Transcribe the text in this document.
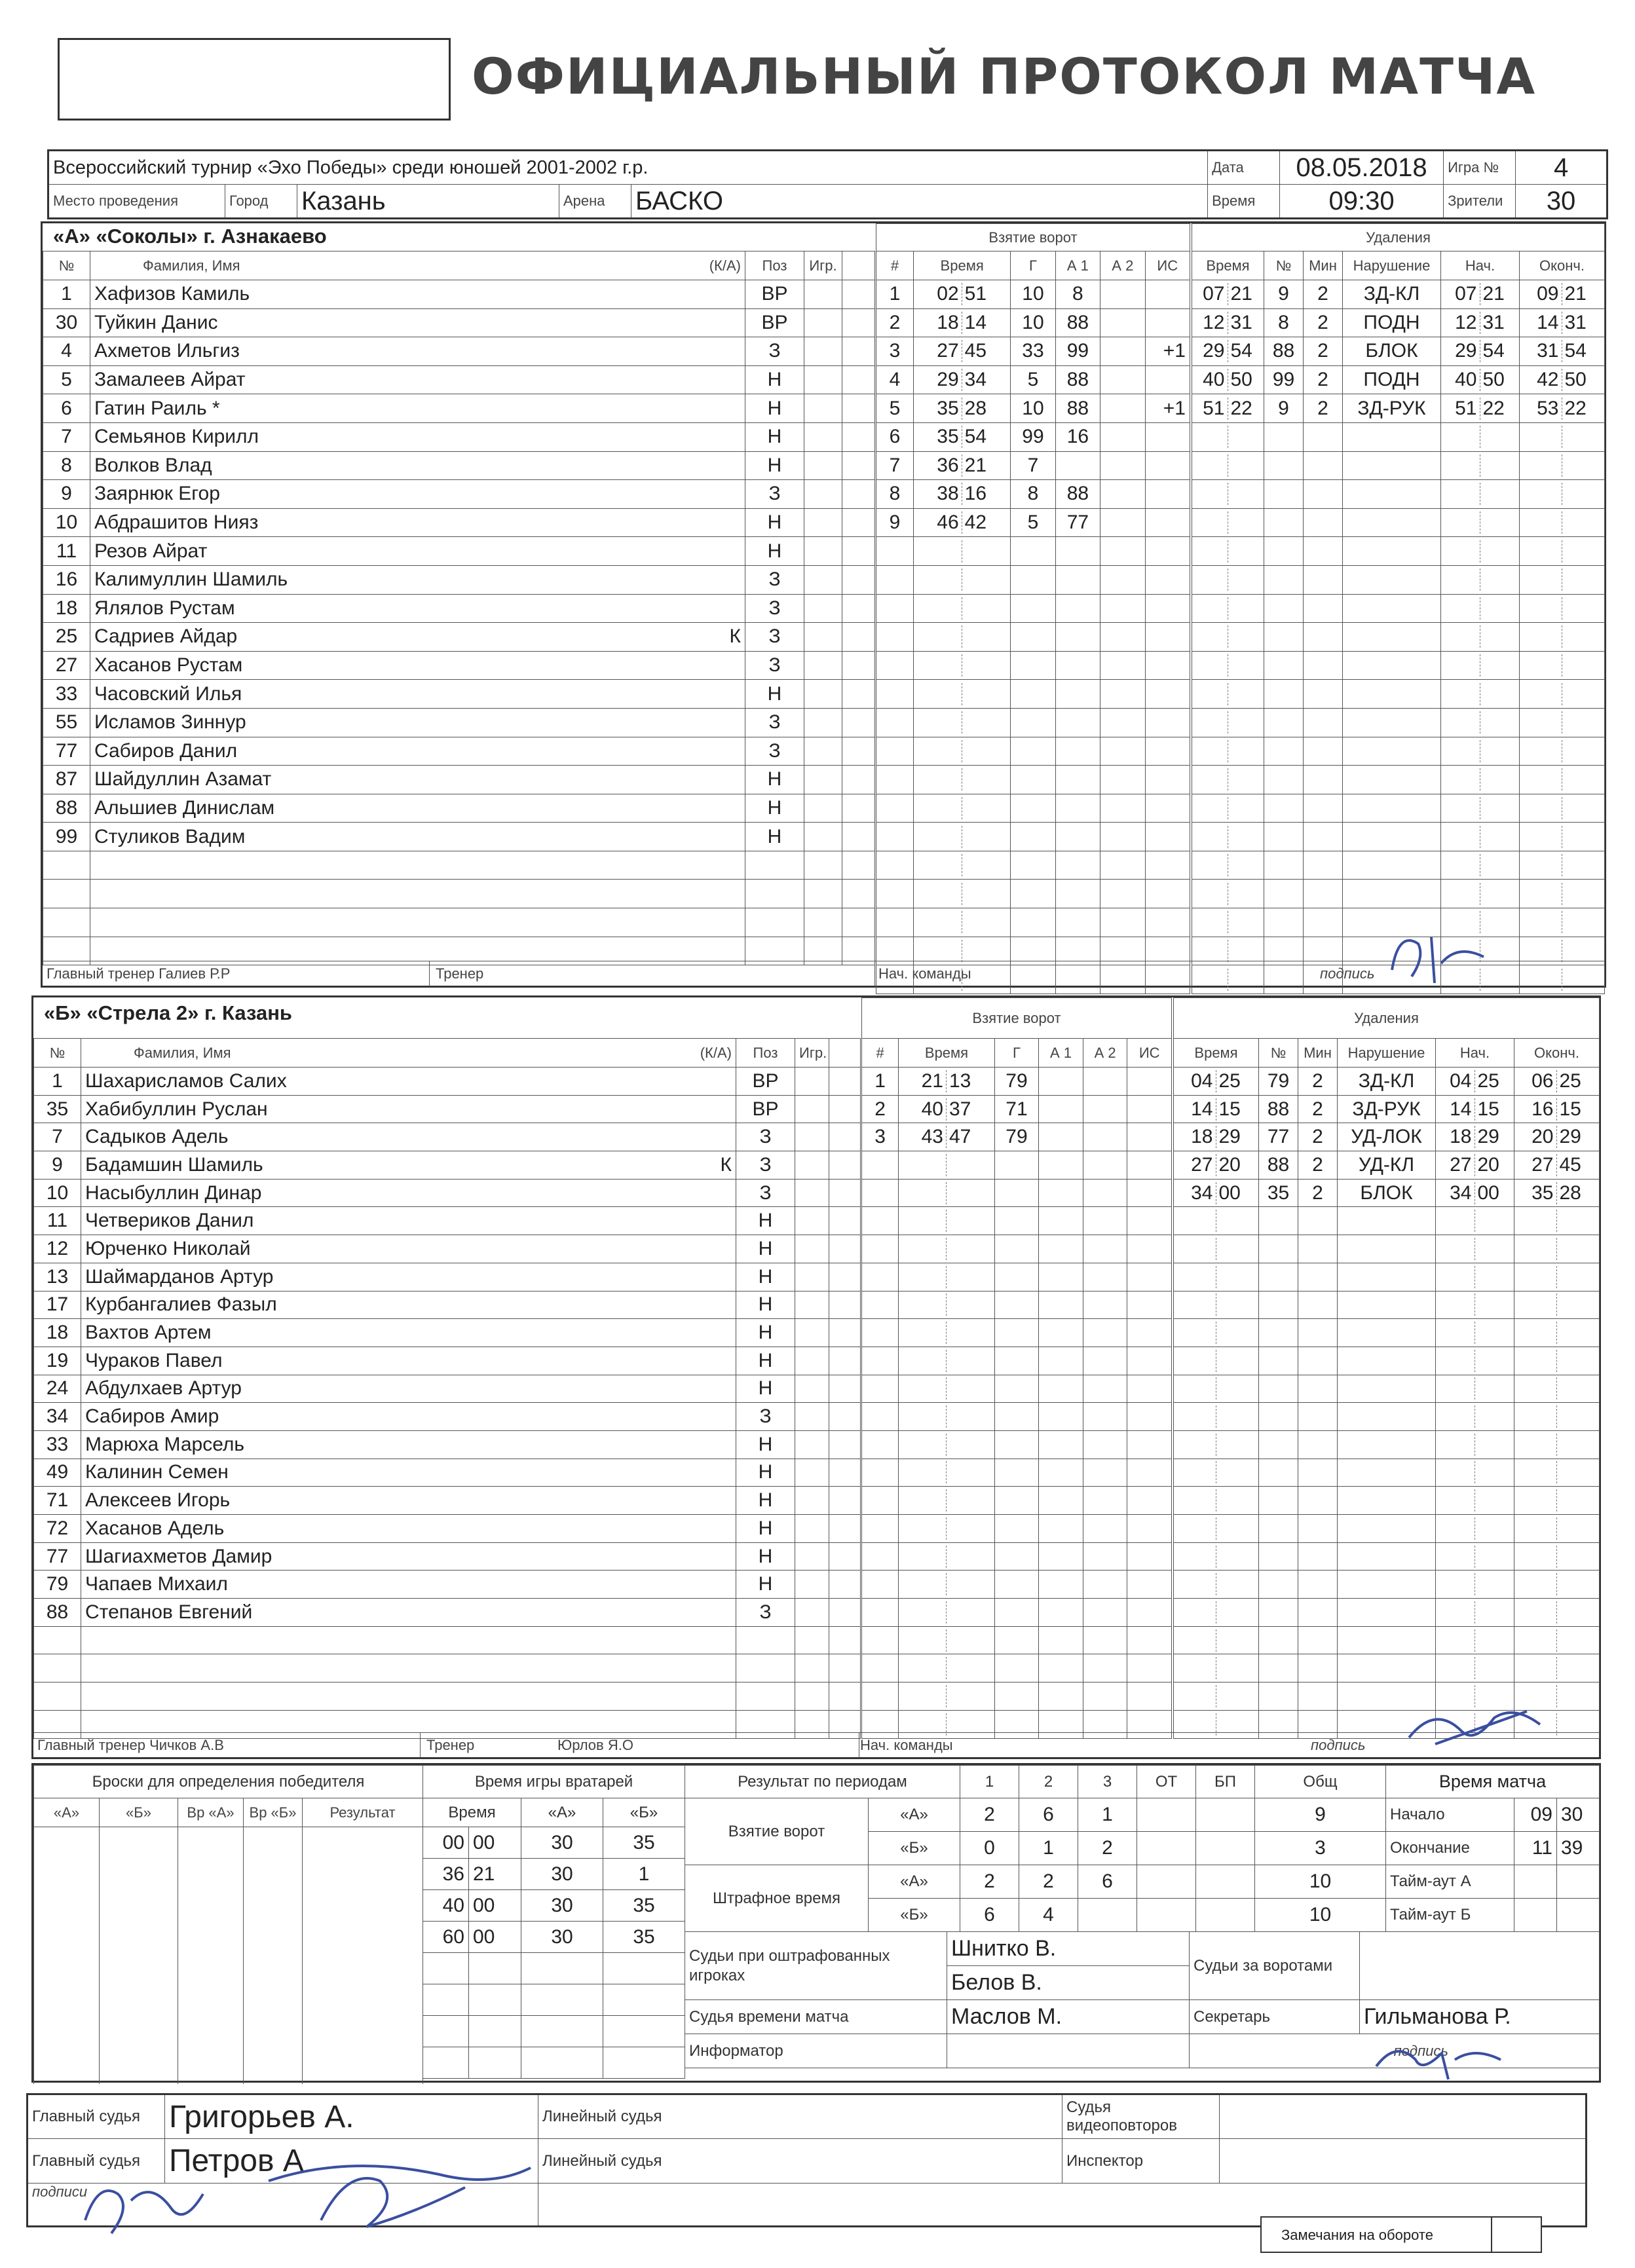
ОФИЦИАЛЬНЫЙ ПРОТОКОЛ МАТЧА
Всероссийский турнир «Эхо Победы» среди юношей 2001-2002 г.р.					Дата	08.05.2018	Игра №	4
Место проведения	Город	Казань	Арена	БАСКО	Время	09:30	Зрители	30
«А» «Соколы» г. Азнакаево
№	Фамилия, Имя (К/А)	Поз	Игр.	
1	Хафизов Камиль	ВР		
30	Туйкин Данис	ВР		
4	Ахметов Ильгиз	З		
5	Замалеев Айрат	Н		
6	Гатин Раиль *	Н		
7	Семьянов Кирилл	Н		
8	Волков Влад	Н		
9	Заярнюк Егор	З		
10	Абдрашитов Нияз	Н		
11	Резов Айрат	Н		
16	Калимуллин Шамиль	З		
18	Ялялов Рустам	З		
25	Садриев Айдар К	З		
27	Хасанов Рустам	З		
33	Часовский Илья	Н		
55	Исламов Зиннур	З		
77	Сабиров Данил	З		
87	Шайдуллин Азамат	Н		
88	Альшиев Динислам	Н		
99	Стуликов Вадим	Н		

Взятие ворот					
#	Время	Г	А 1	А 2	ИС
1	02 51	10	8		
2	18 14	10	88		
3	27 45	33	99		+1
4	29 34	5	88		
5	35 28	10	88		+1
6	35 54	99	16		
7	36 21	7			
8	38 16	8	88		
9	46 42	5	77		

Удаления					
Время	№	Мин	Нарушение	Нач.	Оконч.
07 21	9	2	ЗД-КЛ	07 21	09 21
12 31	8	2	ПОДН	12 31	14 31
29 54	88	2	БЛОК	29 54	31 54
40 50	99	2	ПОДН	40 50	42 50
51 22	9	2	ЗД-РУК	51 22	53 22

Главный тренер Галиев Р.Р	Тренер	Нач. команды	подпись
«Б» «Стрела 2» г. Казань
№	Фамилия, Имя (К/А)	Поз	Игр.	
1	Шахарисламов Салих	ВР		
35	Хабибуллин Руслан	ВР		
7	Садыков Адель	З		
9	Бадамшин Шамиль К	З		
10	Насыбуллин Динар	З		
11	Четвериков Данил	Н		
12	Юрченко Николай	Н		
13	Шаймарданов Артур	Н		
17	Курбангалиев Фазыл	Н		
18	Вахтов Артем	Н		
19	Чураков Павел	Н		
24	Абдулхаев Артур	Н		
34	Сабиров Амир	З		
33	Марюха Марсель	Н		
49	Калинин Семен	Н		
71	Алексеев Игорь	Н		
72	Хасанов Адель	Н		
77	Шагиахметов Дамир	Н		
79	Чапаев Михаил	Н		
88	Степанов Евгений	З		

Взятие ворот					
#	Время	Г	А 1	А 2	ИС
1	21 13	79			
2	40 37	71			
3	43 47	79			

Удаления					
Время	№	Мин	Нарушение	Нач.	Оконч.
04 25	79	2	ЗД-КЛ	04 25	06 25
14 15	88	2	ЗД-РУК	14 15	16 15
18 29	77	2	УД-ЛОК	18 29	20 29
27 20	88	2	УД-КЛ	27 20	27 45
34 00	35	2	БЛОК	34 00	35 28

Главный тренер Чичков А.В	Тренер	Юрлов Я.О	Нач. команды	подпись
Броски для определения победителя				
«А»	«Б»	Вр «А»	Вр «Б»	Результат

Время игры вратарей			
Время		«А»	«Б»
00	00	30	35
36	21	30	1
40	00	30	35
60	00	30	35

Результат по периодам		1	2	3	ОТ	БП	Общ
Взятие ворот	«А»	2	6	1			9
	«Б»	0	1	2			3
Штрафное время	«А»	2	2	6			10
	«Б»	6	4				10
Время матча		
Начало	09	30
Окончание	11	39
Тайм-аут А		
Тайм-аут Б		
Судьи при оштрафованных игроках	Шнитко В.	Судьи за воротами	
	Белов В.		
Судья времени матча	Маслов М.	Секретарь	Гильманова Р.
Информатор		подпись	
Главный судья	Григорьев А.	Линейный судья	Судья видеоповторов	
Главный судья	Петров А	Линейный судья	Инспектор	
подписи				
Замечания на обороте
